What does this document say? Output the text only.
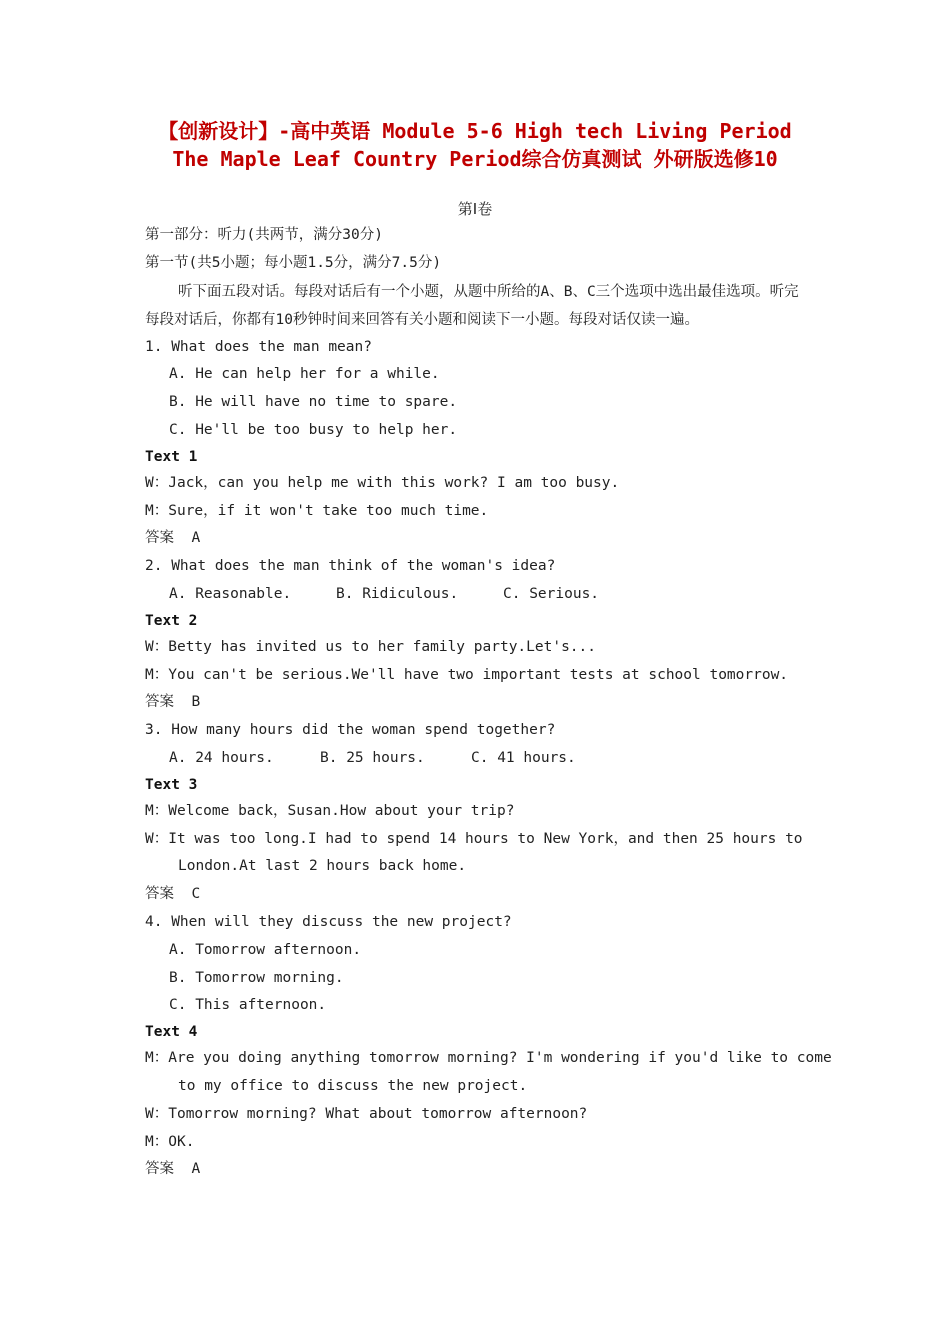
【创新设计】-高中英语 Module 5-6 High tech Living Period
The Maple Leaf Country Period综合仿真测试 外研版选修10
第Ⅰ卷
第一部分：听力(共两节，满分30分)
第一节(共5小题；每小题1.5分，满分7.5分)
听下面五段对话。每段对话后有一个小题，从题中所给的A、B、C三个选项中选出最佳选项。听完每段对话后，你都有10秒钟时间来回答有关小题和阅读下一小题。每段对话仅读一遍。
1. What does the man mean?
A. He can help her for a while.
B. He will have no time to spare.
C. He'll be too busy to help her.
Text 1
W：Jack，can you help me with this work? I am too busy.
M：Sure，if it won't take too much time.
答案 A
2. What does the man think of the woman's idea?
A. Reasonable.	B. Ridiculous.	C. Serious.
Text 2
W：Betty has invited us to her family party.Let's...
M：You can't be serious.We'll have two important tests at school tomorrow.
答案 B
3. How many hours did the woman spend together?
A. 24 hours.	B. 25 hours.	C. 41 hours.
Text 3
M：Welcome back，Susan.How about your trip?
W：It was too long.I had to spend 14 hours to New York，and then 25 hours to
London.At last 2 hours back home.
答案 C
4. When will they discuss the new project?
A. Tomorrow afternoon.
B. Tomorrow morning.
C. This afternoon.
Text 4
M：Are you doing anything tomorrow morning? I'm wondering if you'd like to come
to my office to discuss the new project.
W：Tomorrow morning? What about tomorrow afternoon?
M：OK.
答案 A
